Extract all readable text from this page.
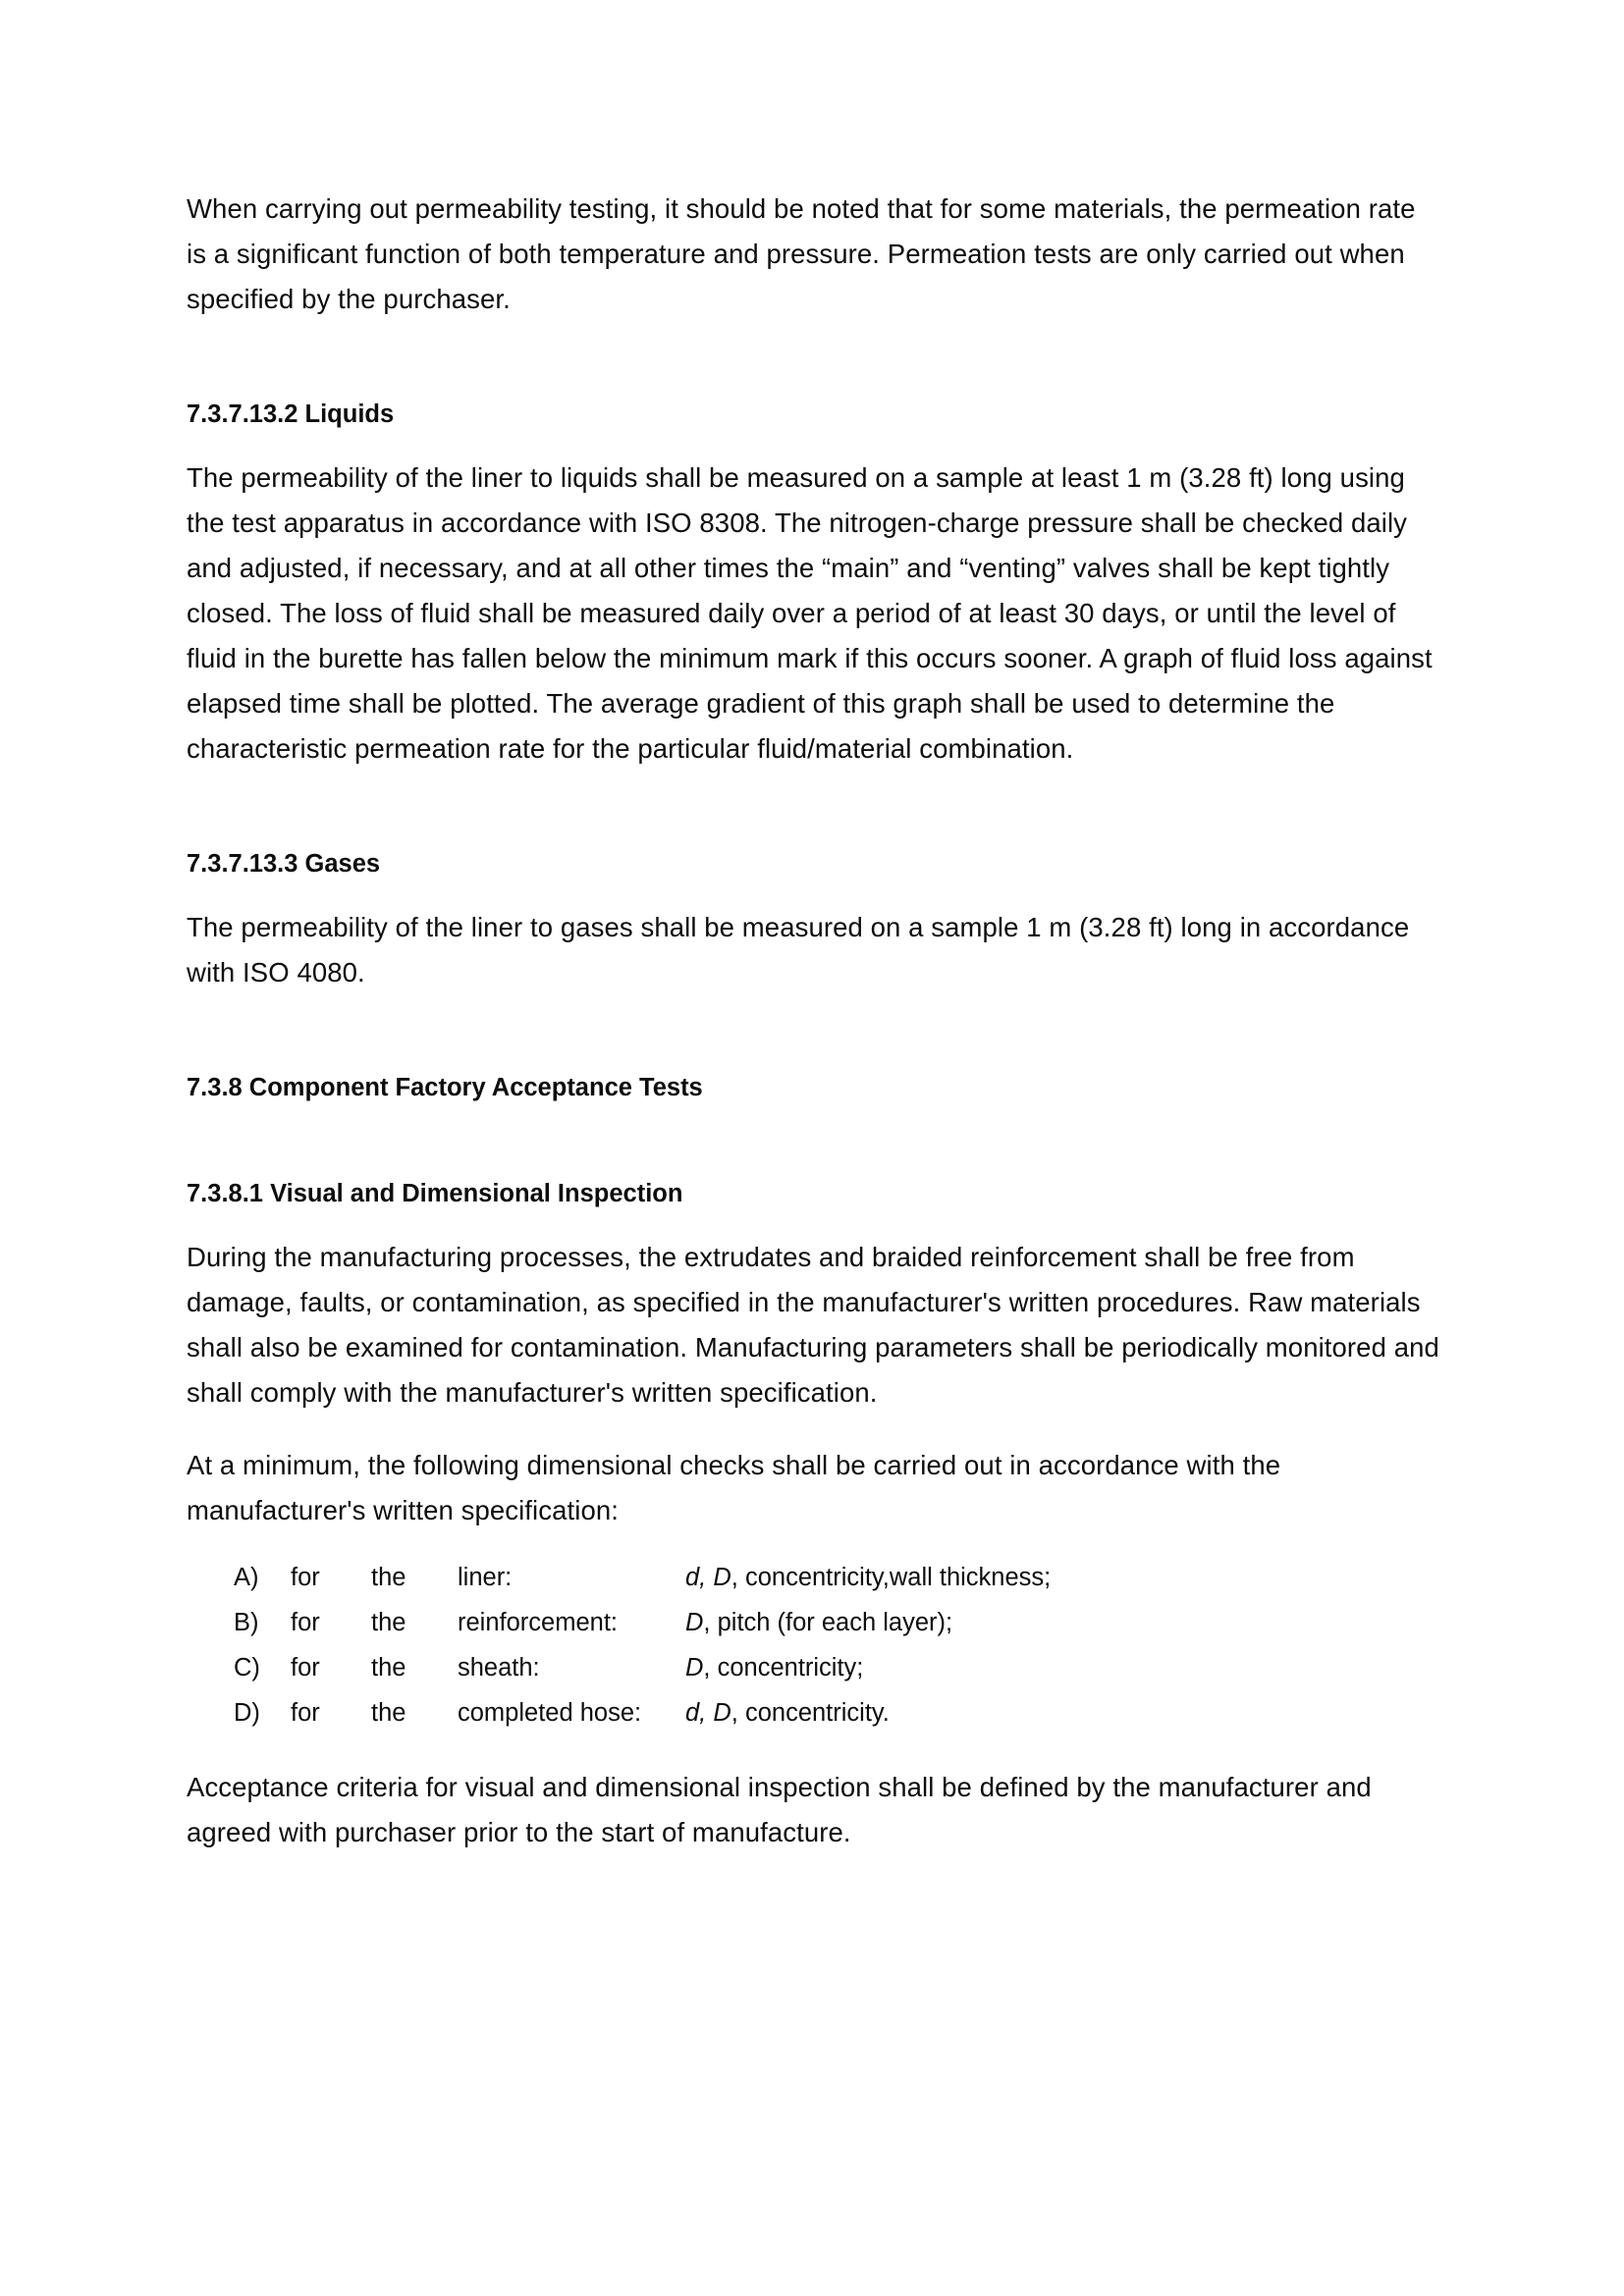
When carrying out permeability testing, it should be noted that for some materials, the permeation rate is a significant function of both temperature and pressure. Permeation tests are only carried out when specified by the purchaser.

7.3.7.13.2 Liquids

The permeability of the liner to liquids shall be measured on a sample at least 1 m (3.28 ft) long using the test apparatus in accordance with ISO 8308. The nitrogen-charge pressure shall be checked daily and adjusted, if necessary, and at all other times the “main” and “venting” valves shall be kept tightly closed. The loss of fluid shall be measured daily over a period of at least 30 days, or until the level of fluid in the burette has fallen below the minimum mark if this occurs sooner. A graph of fluid loss against elapsed time shall be plotted. The average gradient of this graph shall be used to determine the characteristic permeation rate for the particular fluid/material combination.

7.3.7.13.3 Gases

The permeability of the liner to gases shall be measured on a sample 1 m (3.28 ft) long in accordance with ISO 4080.

7.3.8 Component Factory Acceptance Tests
7.3.8.1 Visual and Dimensional Inspection

During the manufacturing processes, the extrudates and braided reinforcement shall be free from damage, faults, or contamination, as specified in the manufacturer's written procedures. Raw materials shall also be examined for contamination. Manufacturing parameters shall be periodically monitored and shall comply with the manufacturer's written specification.

At a minimum, the following dimensional checks shall be carried out in accordance with the manufacturer's written specification:

A)	for	the	liner:	d, D, concentricity,wall thickness;
B)	for	the	reinforcement:	D, pitch (for each layer);
C)	for	the	sheath:	D, concentricity;
D)	for	the	completed hose:	d, D, concentricity.

Acceptance criteria for visual and dimensional inspection shall be defined by the manufacturer and agreed with purchaser prior to the start of manufacture.
